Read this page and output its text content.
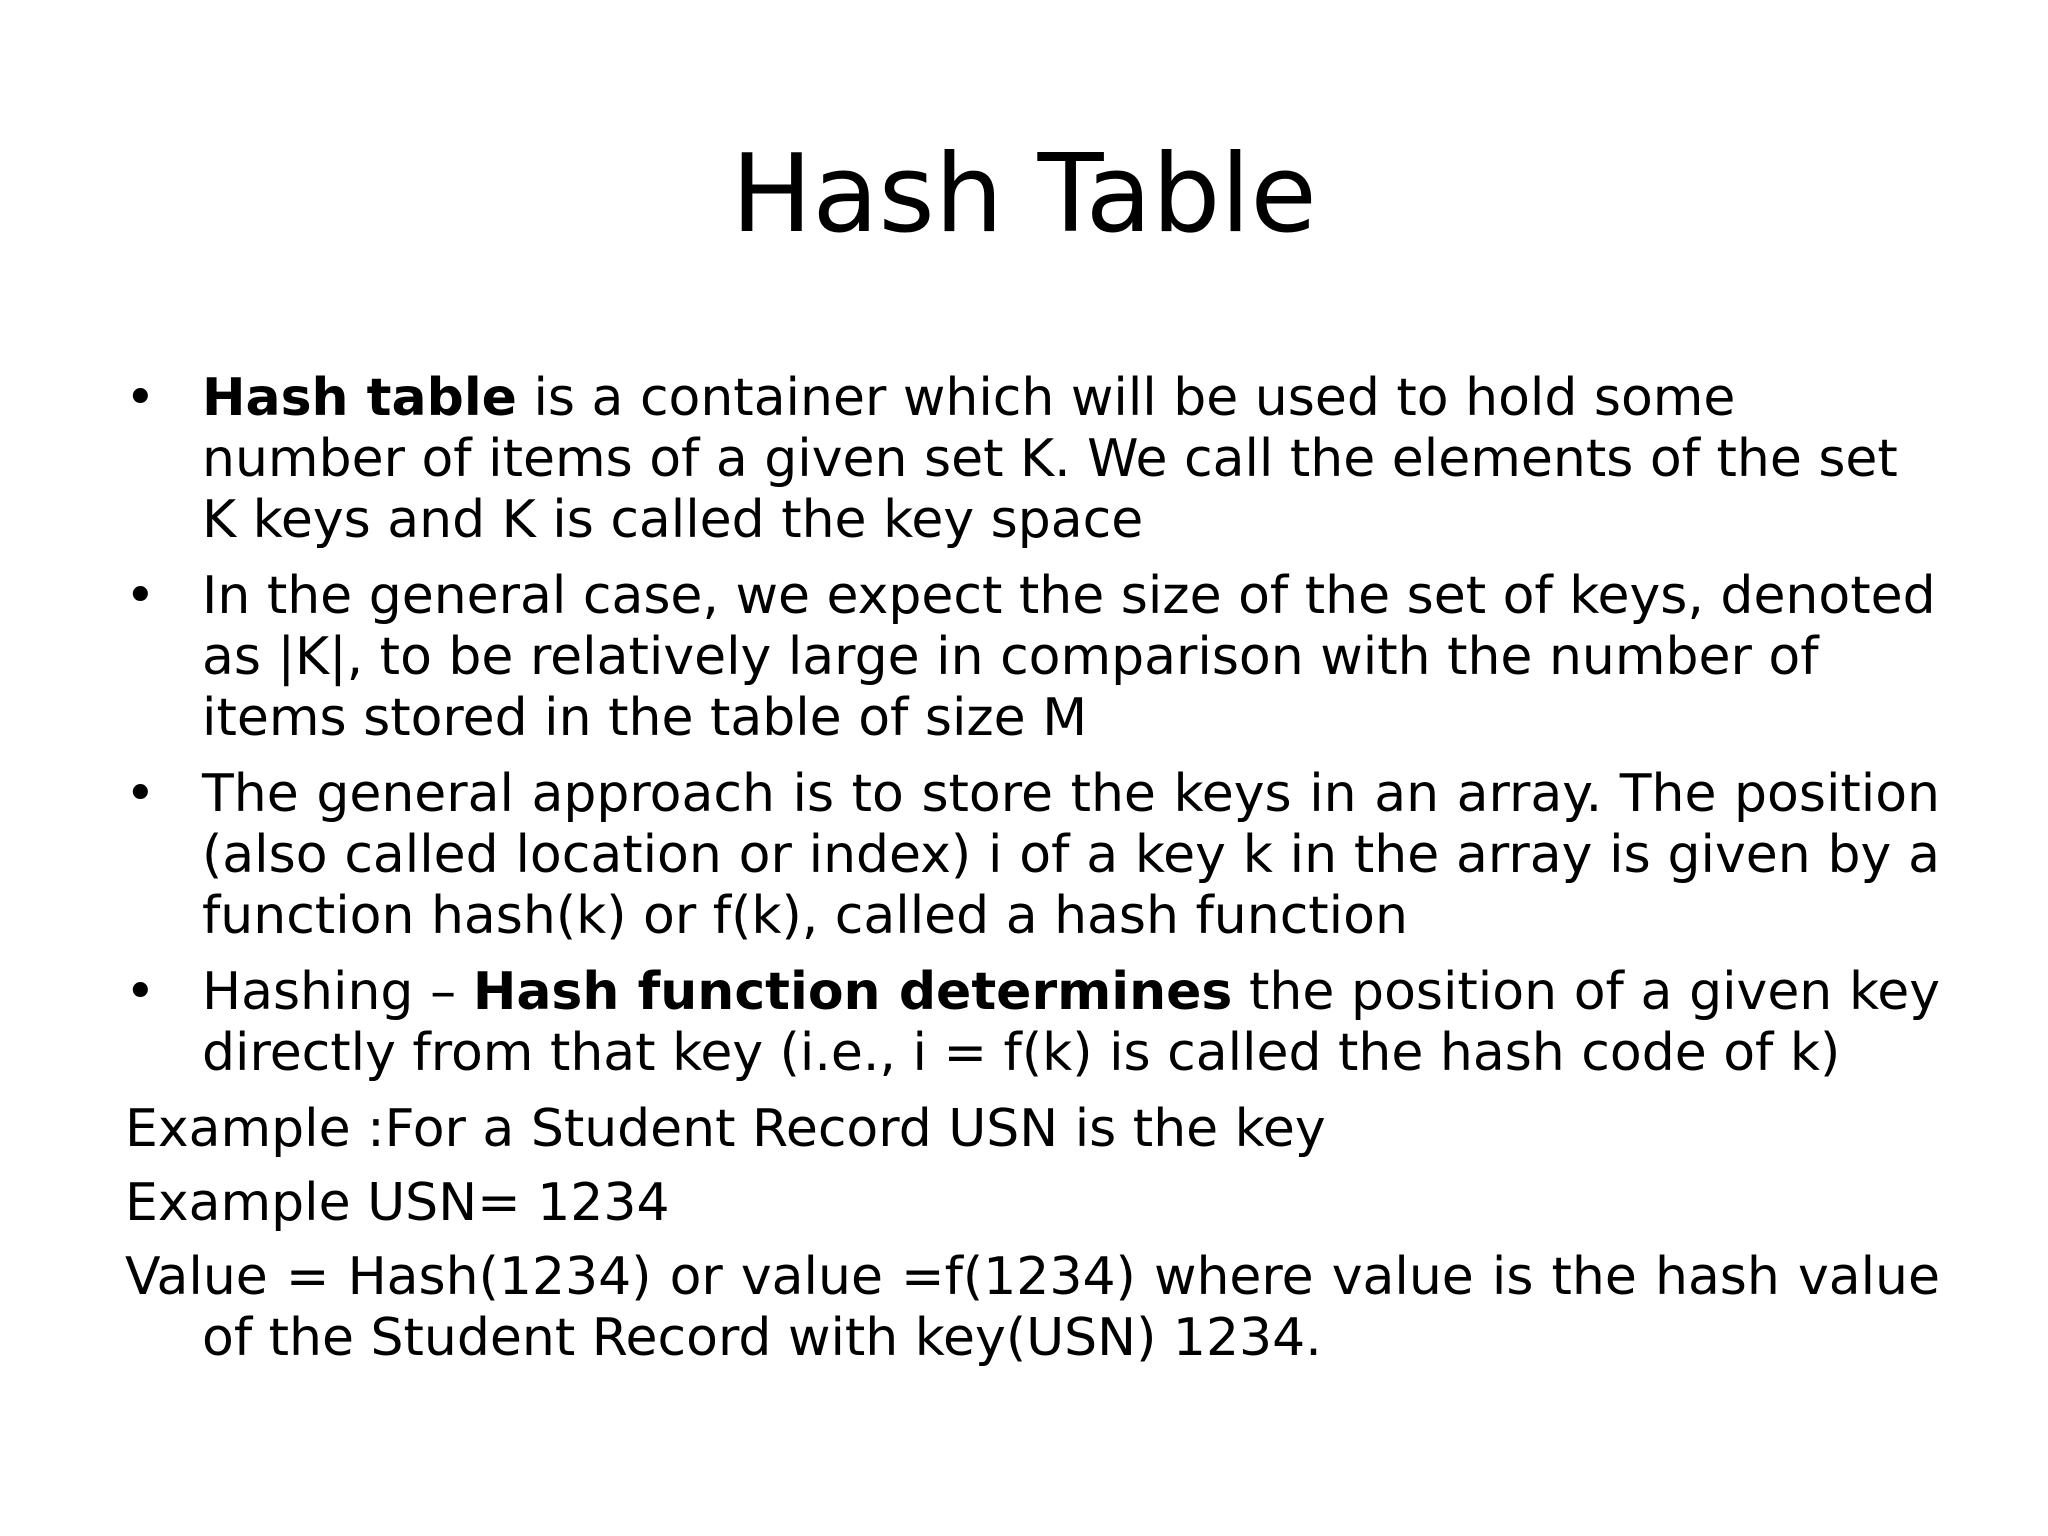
Hash Table
• Hash table is a container which will be used to hold some number of items of a given set K. We call the elements of the set K keys and K is called the key space
• In the general case, we expect the size of the set of keys, denoted as |K|, to be relatively large in comparison with the number of items stored in the table of size M
• The general approach is to store the keys in an array. The position (also called location or index) i of a key k in the array is given by a function hash(k) or f(k), called a hash function
• Hashing – Hash function determines the position of a given key directly from that key (i.e., i = f(k) is called the hash code of k)
Example :For a Student Record USN is the key
Example USN= 1234
Value = Hash(1234) or value =f(1234) where value is the hash value of the Student Record with key(USN) 1234.
